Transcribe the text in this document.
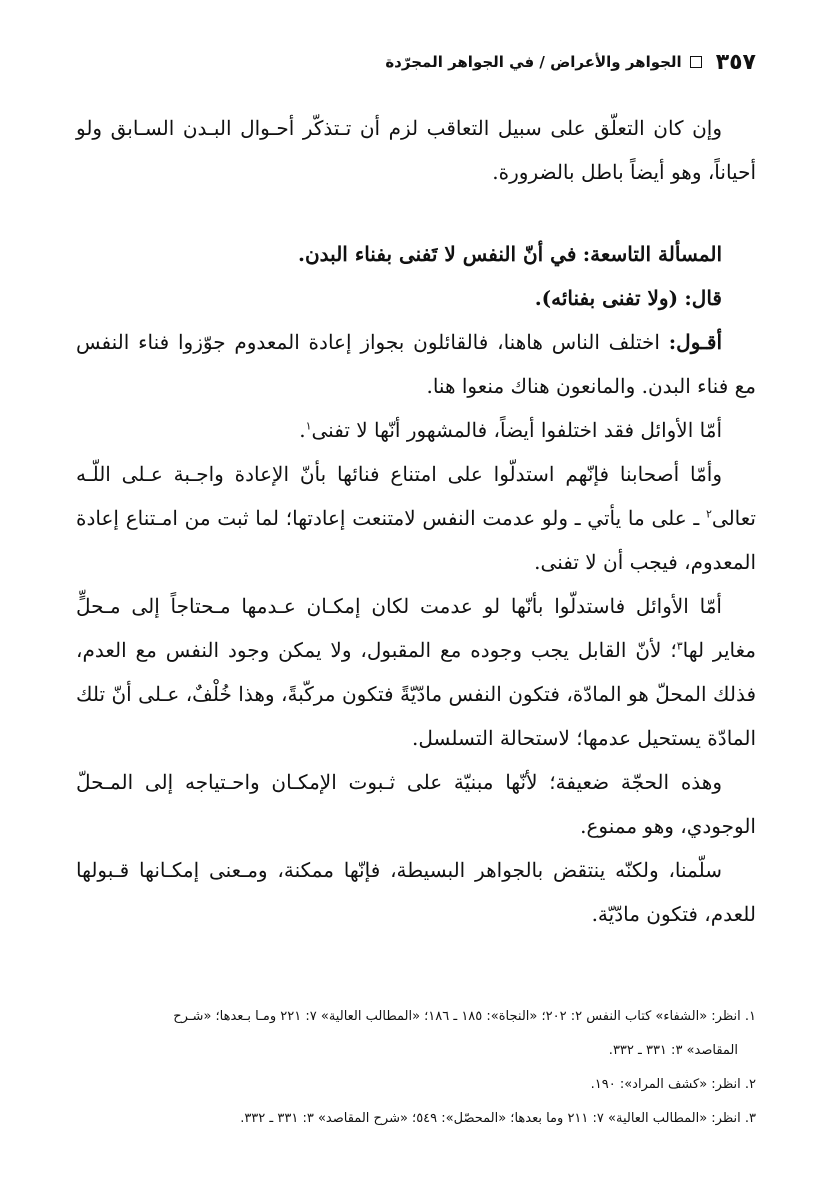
٣٥٧
الجواهر والأعراض / في الجواهر المجرّدة

وإن كان التعلّق على سبيل التعاقب لزم أن تـتذكّر أحـوال البـدن السـابق ولو أحياناً، وهو أيضاً باطل بالضرورة.

المسألة التاسعة: في أنّ النفس لا تَفنى بفناء البدن.

قال: (ولا تفنى بفنائه).

أقـول: اختلف الناس هاهنا، فالقائلون بجواز إعادة المعدوم جوّزوا فناء النفس مع فناء البدن. والمانعون هناك منعوا هنا.

أمّا الأوائل فقد اختلفوا أيضاً، فالمشهور أنّها لا تفنى$^١$.

وأمّا أصحابنا فإنّهم استدلّوا على امتناع فنائها بأنّ الإعادة واجـبة عـلى اللّـه تعالى$^٢$ ـ على ما يأتي ـ ولو عدمت النفس لامتنعت إعادتها؛ لما ثبت من امـتناع إعادة المعدوم، فيجب أن لا تفنى.

أمّا الأوائل فاستدلّوا بأنّها لو عدمت لكان إمكـان عـدمها مـحتاجاً إلى مـحلٍّ مغاير لها$^٣$؛ لأنّ القابل يجب وجوده مع المقبول، ولا يمكن وجود النفس مع العدم، فذلك المحلّ هو المادّة، فتكون النفس مادّيّةً فتكون مركّبةً، وهذا خُلْفٌ، عـلى أنّ تلك المادّة يستحيل عدمها؛ لاستحالة التسلسل.

وهذه الحجّة ضعيفة؛ لأنّها مبنيّة على ثـبوت الإمكـان واحـتياجه إلى المـحلّ الوجودي، وهو ممنوع.

سلّمنا، ولكنّه ينتقض بالجواهر البسيطة، فإنّها ممكنة، ومـعنى إمكـانها قـبولها للعدم، فتكون مادّيّة.

١. انظر: «الشفاء» كتاب النفس ٢: ٢٠٢؛ «النجاة»: ١٨٥ ـ ١٨٦؛ «المطالب العالية» ٧: ٢٢١ ومـا بـعدها؛ «شـرح
المقاصد» ٣: ٣٣١ ـ ٣٣٢.

٢. انظر: «كشف المراد»: ١٩٠.

٣. انظر: «المطالب العالية» ٧: ٢١١ وما بعدها؛ «المحصّل»: ٥٤٩؛ «شرح المقاصد» ٣: ٣٣١ ـ ٣٣٢.
